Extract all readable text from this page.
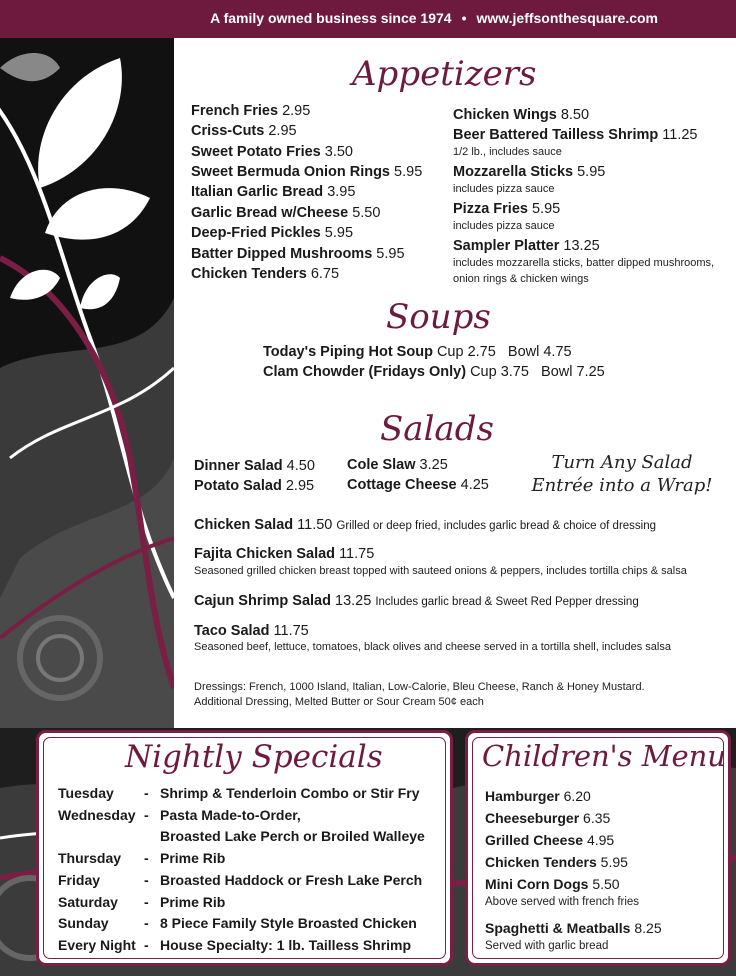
A family owned business since 1974 • www.jeffsonthesquare.com
Appetizers
French Fries 2.95
Criss-Cuts 2.95
Sweet Potato Fries 3.50
Sweet Bermuda Onion Rings 5.95
Italian Garlic Bread 3.95
Garlic Bread w/Cheese 5.50
Deep-Fried Pickles 5.95
Batter Dipped Mushrooms 5.95
Chicken Tenders 6.75
Chicken Wings 8.50
Beer Battered Tailless Shrimp 11.25
1/2 lb., includes sauce
Mozzarella Sticks 5.95
includes pizza sauce
Pizza Fries 5.95
includes pizza sauce
Sampler Platter 13.25
includes mozzarella sticks, batter dipped mushrooms,
onion rings & chicken wings
Soups
Today's Piping Hot Soup Cup 2.75 Bowl 4.75
Clam Chowder (Fridays Only) Cup 3.75 Bowl 7.25
Salads
Dinner Salad 4.50
Potato Salad 2.95
Cole Slaw 3.25
Cottage Cheese 4.25
Turn Any Salad
Entrée into a Wrap!
Chicken Salad 11.50 Grilled or deep fried, includes garlic bread & choice of dressing
Fajita Chicken Salad 11.75
Seasoned grilled chicken breast topped with sauteed onions & peppers, includes tortilla chips & salsa
Cajun Shrimp Salad 13.25 Includes garlic bread & Sweet Red Pepper dressing
Taco Salad 11.75
Seasoned beef, lettuce, tomatoes, black olives and cheese served in a tortilla shell, includes salsa
Dressings: French, 1000 Island, Italian, Low-Calorie, Bleu Cheese, Ranch & Honey Mustard.
Additional Dressing, Melted Butter or Sour Cream 50¢ each
Nightly Specials
Tuesday - Shrimp & Tenderloin Combo or Stir Fry
Wednesday - Pasta Made-to-Order,
Broasted Lake Perch or Broiled Walleye
Thursday - Prime Rib
Friday	- Broasted Haddock or Fresh Lake Perch
Saturday - Prime Rib
Sunday	- 8 Piece Family Style Broasted Chicken
Every Night - House Specialty: 1 lb. Tailless Shrimp
Children's Menu
Hamburger 6.20
Cheeseburger 6.35
Grilled Cheese 4.95
Chicken Tenders 5.95
Mini Corn Dogs 5.50
Above served with french fries
Spaghetti & Meatballs 8.25
Served with garlic bread
